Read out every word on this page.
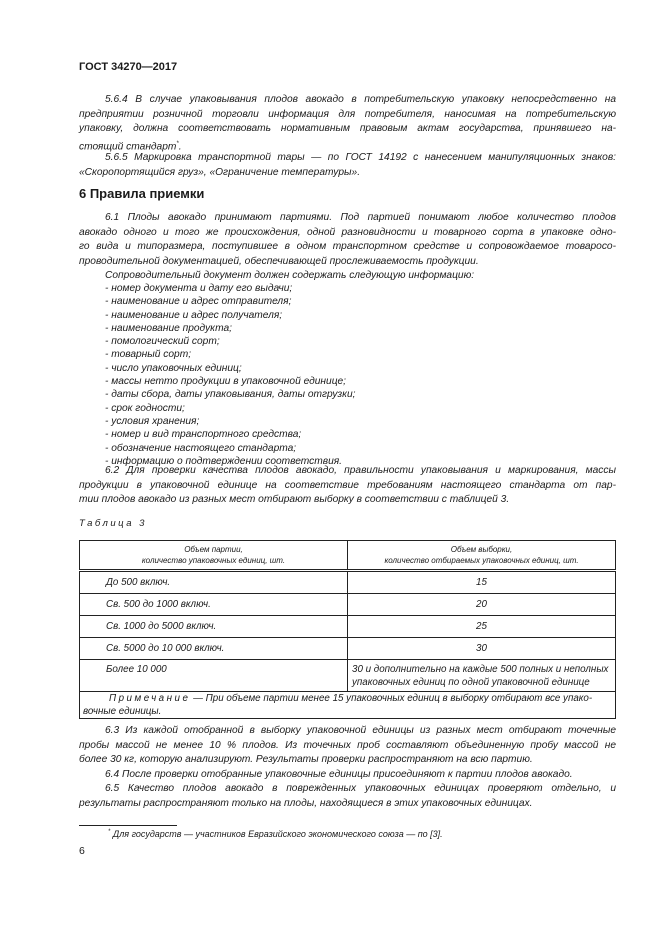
ГОСТ 34270—2017
5.6.4 В случае упаковывания плодов авокадо в потребительскую упаковку непосредственно на
предприятии розничной торговли информация для потребителя, наносимая на потребительскую
упаковку, должна соответствовать нормативным правовым актам государства, принявшего на-
стоящий стандарт*.
5.6.5 Маркировка транспортной тары — по ГОСТ 14192 с нанесением манипуляционных знаков:
«Скоропортящийся груз», «Ограничение температуры».
6 Правила приемки
6.1 Плоды авокадо принимают партиями. Под партией понимают любое количество плодов
авокадо одного и того же происхождения, одной разновидности и товарного сорта в упаковке одно-
го вида и типоразмера, поступившее в одном транспортном средстве и сопровождаемое товаросо-
проводительной документацией, обеспечивающей прослеживаемость продукции.
Сопроводительный документ должен содержать следующую информацию:
- номер документа и дату его выдачи;
- наименование и адрес отправителя;
- наименование и адрес получателя;
- наименование продукта;
- помологический сорт;
- товарный сорт;
- число упаковочных единиц;
- массы нетто продукции в упаковочной единице;
- даты сбора, даты упаковывания, даты отгрузки;
- срок годности;
- условия хранения;
- номер и вид транспортного средства;
- обозначение настоящего стандарта;
- информацию о подтверждении соответствия.
6.2 Для проверки качества плодов авокадо, правильности упаковывания и маркирования, массы
продукции в упаковочной единице на соответствие требованиям настоящего стандарта от пар-
тии плодов авокадо из разных мест отбирают выборку в соответствии с таблицей 3.
Таблица 3
Объем партии,
количество упаковочных единиц, шт.	Объем выборки,
количество отбираемых упаковочных единиц, шт.
До 500 включ.	15
Св. 500 до 1000 включ.	20
Св. 1000 до 5000 включ.	25
Св. 5000 до 10 000 включ.	30
Более 10 000	30 и дополнительно на каждые 500 полных и неполных упаковочных единиц по одной упаковочной единице
Примечание — При объеме партии менее 15 упаковочных единиц в выборку отбирают все упако-вочные единицы.	
6.3 Из каждой отобранной в выборку упаковочной единицы из разных мест отбирают точечные
пробы массой не менее 10 % плодов. Из точечных проб составляют объединенную пробу массой не
более 30 кг, которую анализируют. Результаты проверки распространяют на всю партию.
6.4 После проверки отобранные упаковочные единицы присоединяют к партии плодов авокадо.
6.5 Качество плодов авокадо в поврежденных упаковочных единицах проверяют отдельно, и
результаты распространяют только на плоды, находящиеся в этих упаковочных единицах.
* Для государств — участников Евразийского экономического союза — по [3].
6
